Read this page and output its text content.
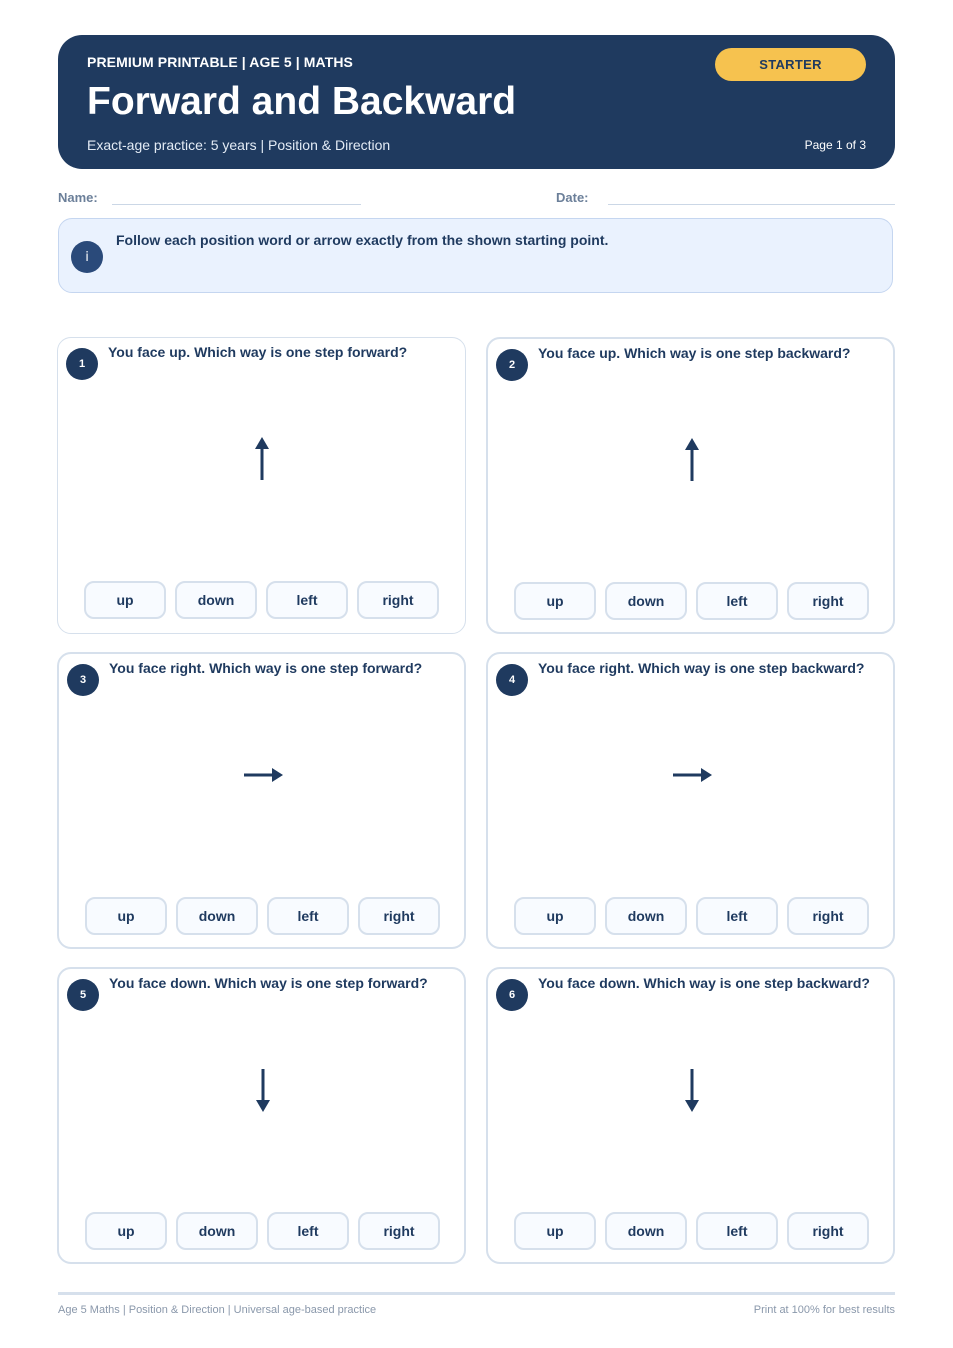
PREMIUM PRINTABLE | AGE 5 | MATHS
Forward and Backward
Exact-age practice: 5 years | Position & Direction
STARTER
Page 1 of 3
Name:	Date:
i
Follow each position word or arrow exactly from the shown starting point.
1
You face up. Which way is one step forward?
up	down	left	right
2
You face up. Which way is one step backward?
up	down	left	right
3
You face right. Which way is one step forward?
up	down	left	right
4
You face right. Which way is one step backward?
up	down	left	right
5
You face down. Which way is one step forward?
up	down	left	right
6
You face down. Which way is one step backward?
up	down	left	right
Age 5 Maths | Position & Direction | Universal age-based practice	Print at 100% for best results
